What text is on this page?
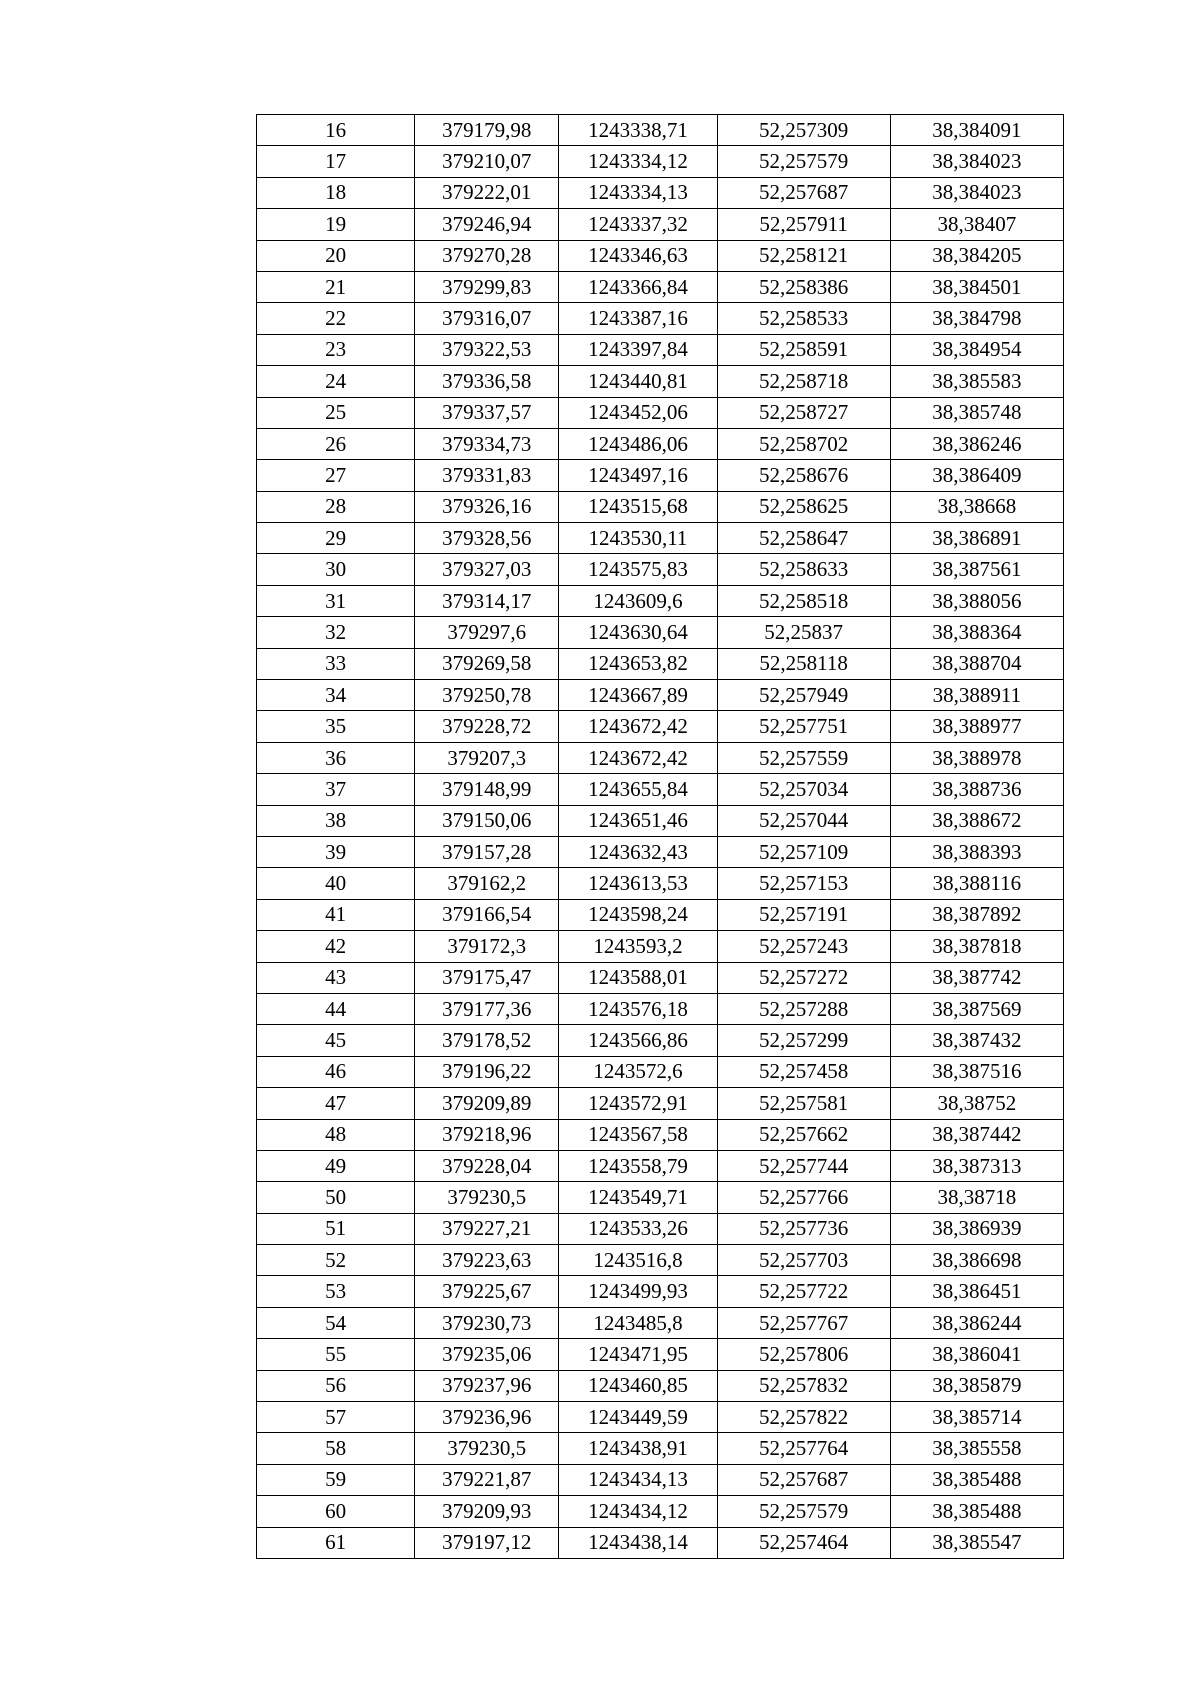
16	379179,98	1243338,71	52,257309	38,384091
17	379210,07	1243334,12	52,257579	38,384023
18	379222,01	1243334,13	52,257687	38,384023
19	379246,94	1243337,32	52,257911	38,38407
20	379270,28	1243346,63	52,258121	38,384205
21	379299,83	1243366,84	52,258386	38,384501
22	379316,07	1243387,16	52,258533	38,384798
23	379322,53	1243397,84	52,258591	38,384954
24	379336,58	1243440,81	52,258718	38,385583
25	379337,57	1243452,06	52,258727	38,385748
26	379334,73	1243486,06	52,258702	38,386246
27	379331,83	1243497,16	52,258676	38,386409
28	379326,16	1243515,68	52,258625	38,38668
29	379328,56	1243530,11	52,258647	38,386891
30	379327,03	1243575,83	52,258633	38,387561
31	379314,17	1243609,6	52,258518	38,388056
32	379297,6	1243630,64	52,25837	38,388364
33	379269,58	1243653,82	52,258118	38,388704
34	379250,78	1243667,89	52,257949	38,388911
35	379228,72	1243672,42	52,257751	38,388977
36	379207,3	1243672,42	52,257559	38,388978
37	379148,99	1243655,84	52,257034	38,388736
38	379150,06	1243651,46	52,257044	38,388672
39	379157,28	1243632,43	52,257109	38,388393
40	379162,2	1243613,53	52,257153	38,388116
41	379166,54	1243598,24	52,257191	38,387892
42	379172,3	1243593,2	52,257243	38,387818
43	379175,47	1243588,01	52,257272	38,387742
44	379177,36	1243576,18	52,257288	38,387569
45	379178,52	1243566,86	52,257299	38,387432
46	379196,22	1243572,6	52,257458	38,387516
47	379209,89	1243572,91	52,257581	38,38752
48	379218,96	1243567,58	52,257662	38,387442
49	379228,04	1243558,79	52,257744	38,387313
50	379230,5	1243549,71	52,257766	38,38718
51	379227,21	1243533,26	52,257736	38,386939
52	379223,63	1243516,8	52,257703	38,386698
53	379225,67	1243499,93	52,257722	38,386451
54	379230,73	1243485,8	52,257767	38,386244
55	379235,06	1243471,95	52,257806	38,386041
56	379237,96	1243460,85	52,257832	38,385879
57	379236,96	1243449,59	52,257822	38,385714
58	379230,5	1243438,91	52,257764	38,385558
59	379221,87	1243434,13	52,257687	38,385488
60	379209,93	1243434,12	52,257579	38,385488
61	379197,12	1243438,14	52,257464	38,385547
